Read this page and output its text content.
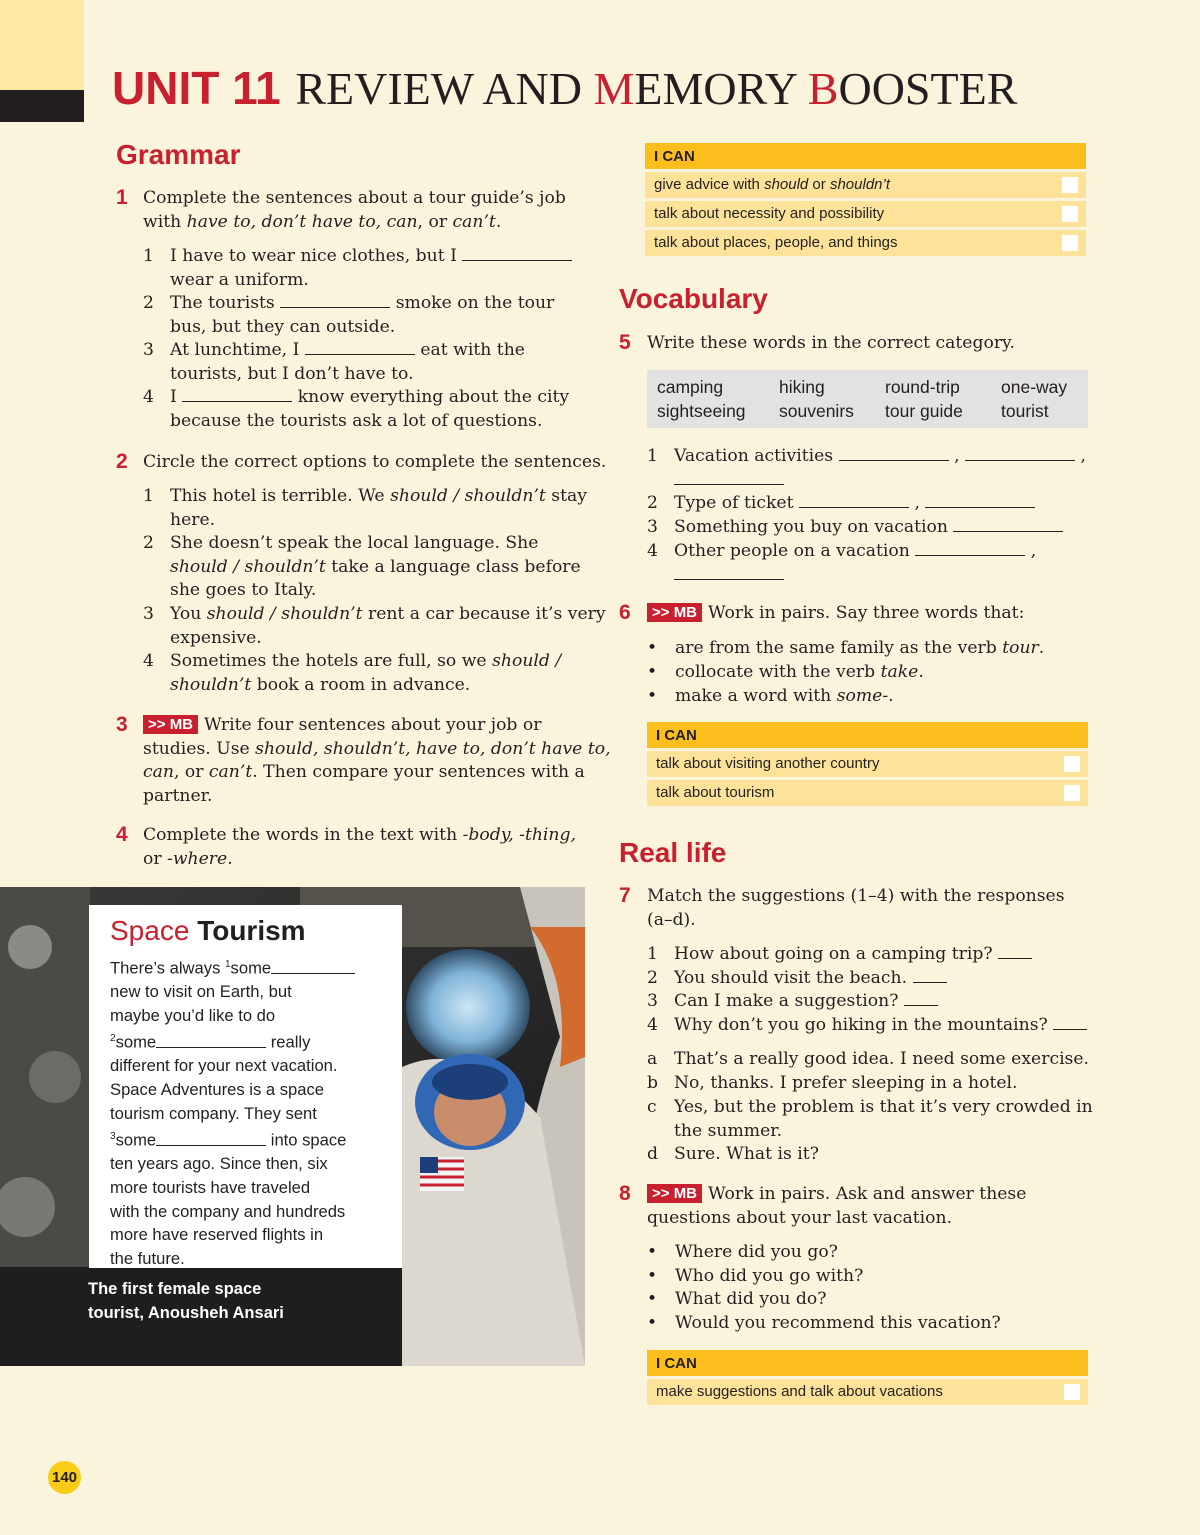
UNIT 11 REVIEW AND MEMORY BOOSTER
Grammar
1 Complete the sentences about a tour guide’s job
with have to, don’t have to, can, or can’t.
1 I have to wear nice clothes, but I
wear a uniform.
2 The tourists	smoke on the tour
bus, but they can outside.
3 At lunchtime, I	eat with the
tourists, but I don’t have to.
4 I	know everything about the city
because the tourists ask a lot of questions.
2 Circle the correct options to complete the sentences.
1 This hotel is terrible. We should / shouldn’t stay
here.
2 She doesn’t speak the local language. She
should / shouldn’t take a language class before
she goes to Italy.
3 You should / shouldn’t rent a car because it’s very
expensive.
4 Sometimes the hotels are full, so we should /
shouldn’t book a room in advance.
3	>> MB Write four sentences about your job or
studies. Use should, shouldn’t, have to, don’t have to,
can, or can’t. Then compare your sentences with a
partner.
4 Complete the words in the text with -body, -thing,
or -where.
Space Tourism
There’s always $^1$some
new to visit on Earth, but
maybe you’d like to do
$^2$some	really
different for your next vacation.
Space Adventures is a space
tourism company. They sent
$^3$some	into space
ten years ago. Since then, six
more tourists have traveled
with the company and hundreds
more have reserved flights in
the future.
The first female space
tourist, Anousheh Ansari
I CAN
give advice with should or shouldn’t
talk about necessity and possibility
talk about places, people, and things
Vocabulary
5 Write these words in the correct category.
camping	hiking	round-trip one-way
sightseeing souvenirs tour guide tourist
1 Vacation activities	,	,

2 Type of ticket	,
3 Something you buy on vacation
4 Other people on a vacation	,

6	>> MB Work in pairs. Say three words that:
• are from the same family as the verb tour.
• collocate with the verb take.
• make a word with some-.
I CAN
talk about visiting another country
talk about tourism
Real life
7 Match the suggestions (1–4) with the responses
(a–d).
1 How about going on a camping trip?
2 You should visit the beach.
3 Can I make a suggestion?
4 Why don’t you go hiking in the mountains?
a That’s a really good idea. I need some exercise.
b No, thanks. I prefer sleeping in a hotel.
c	Yes, but the problem is that it’s very crowded in
the summer.
d Sure. What is it?
8	>> MB Work in pairs. Ask and answer these
questions about your last vacation.
• Where did you go?
• Who did you go with?
• What did you do?
• Would you recommend this vacation?
I CAN
make suggestions and talk about vacations
140
